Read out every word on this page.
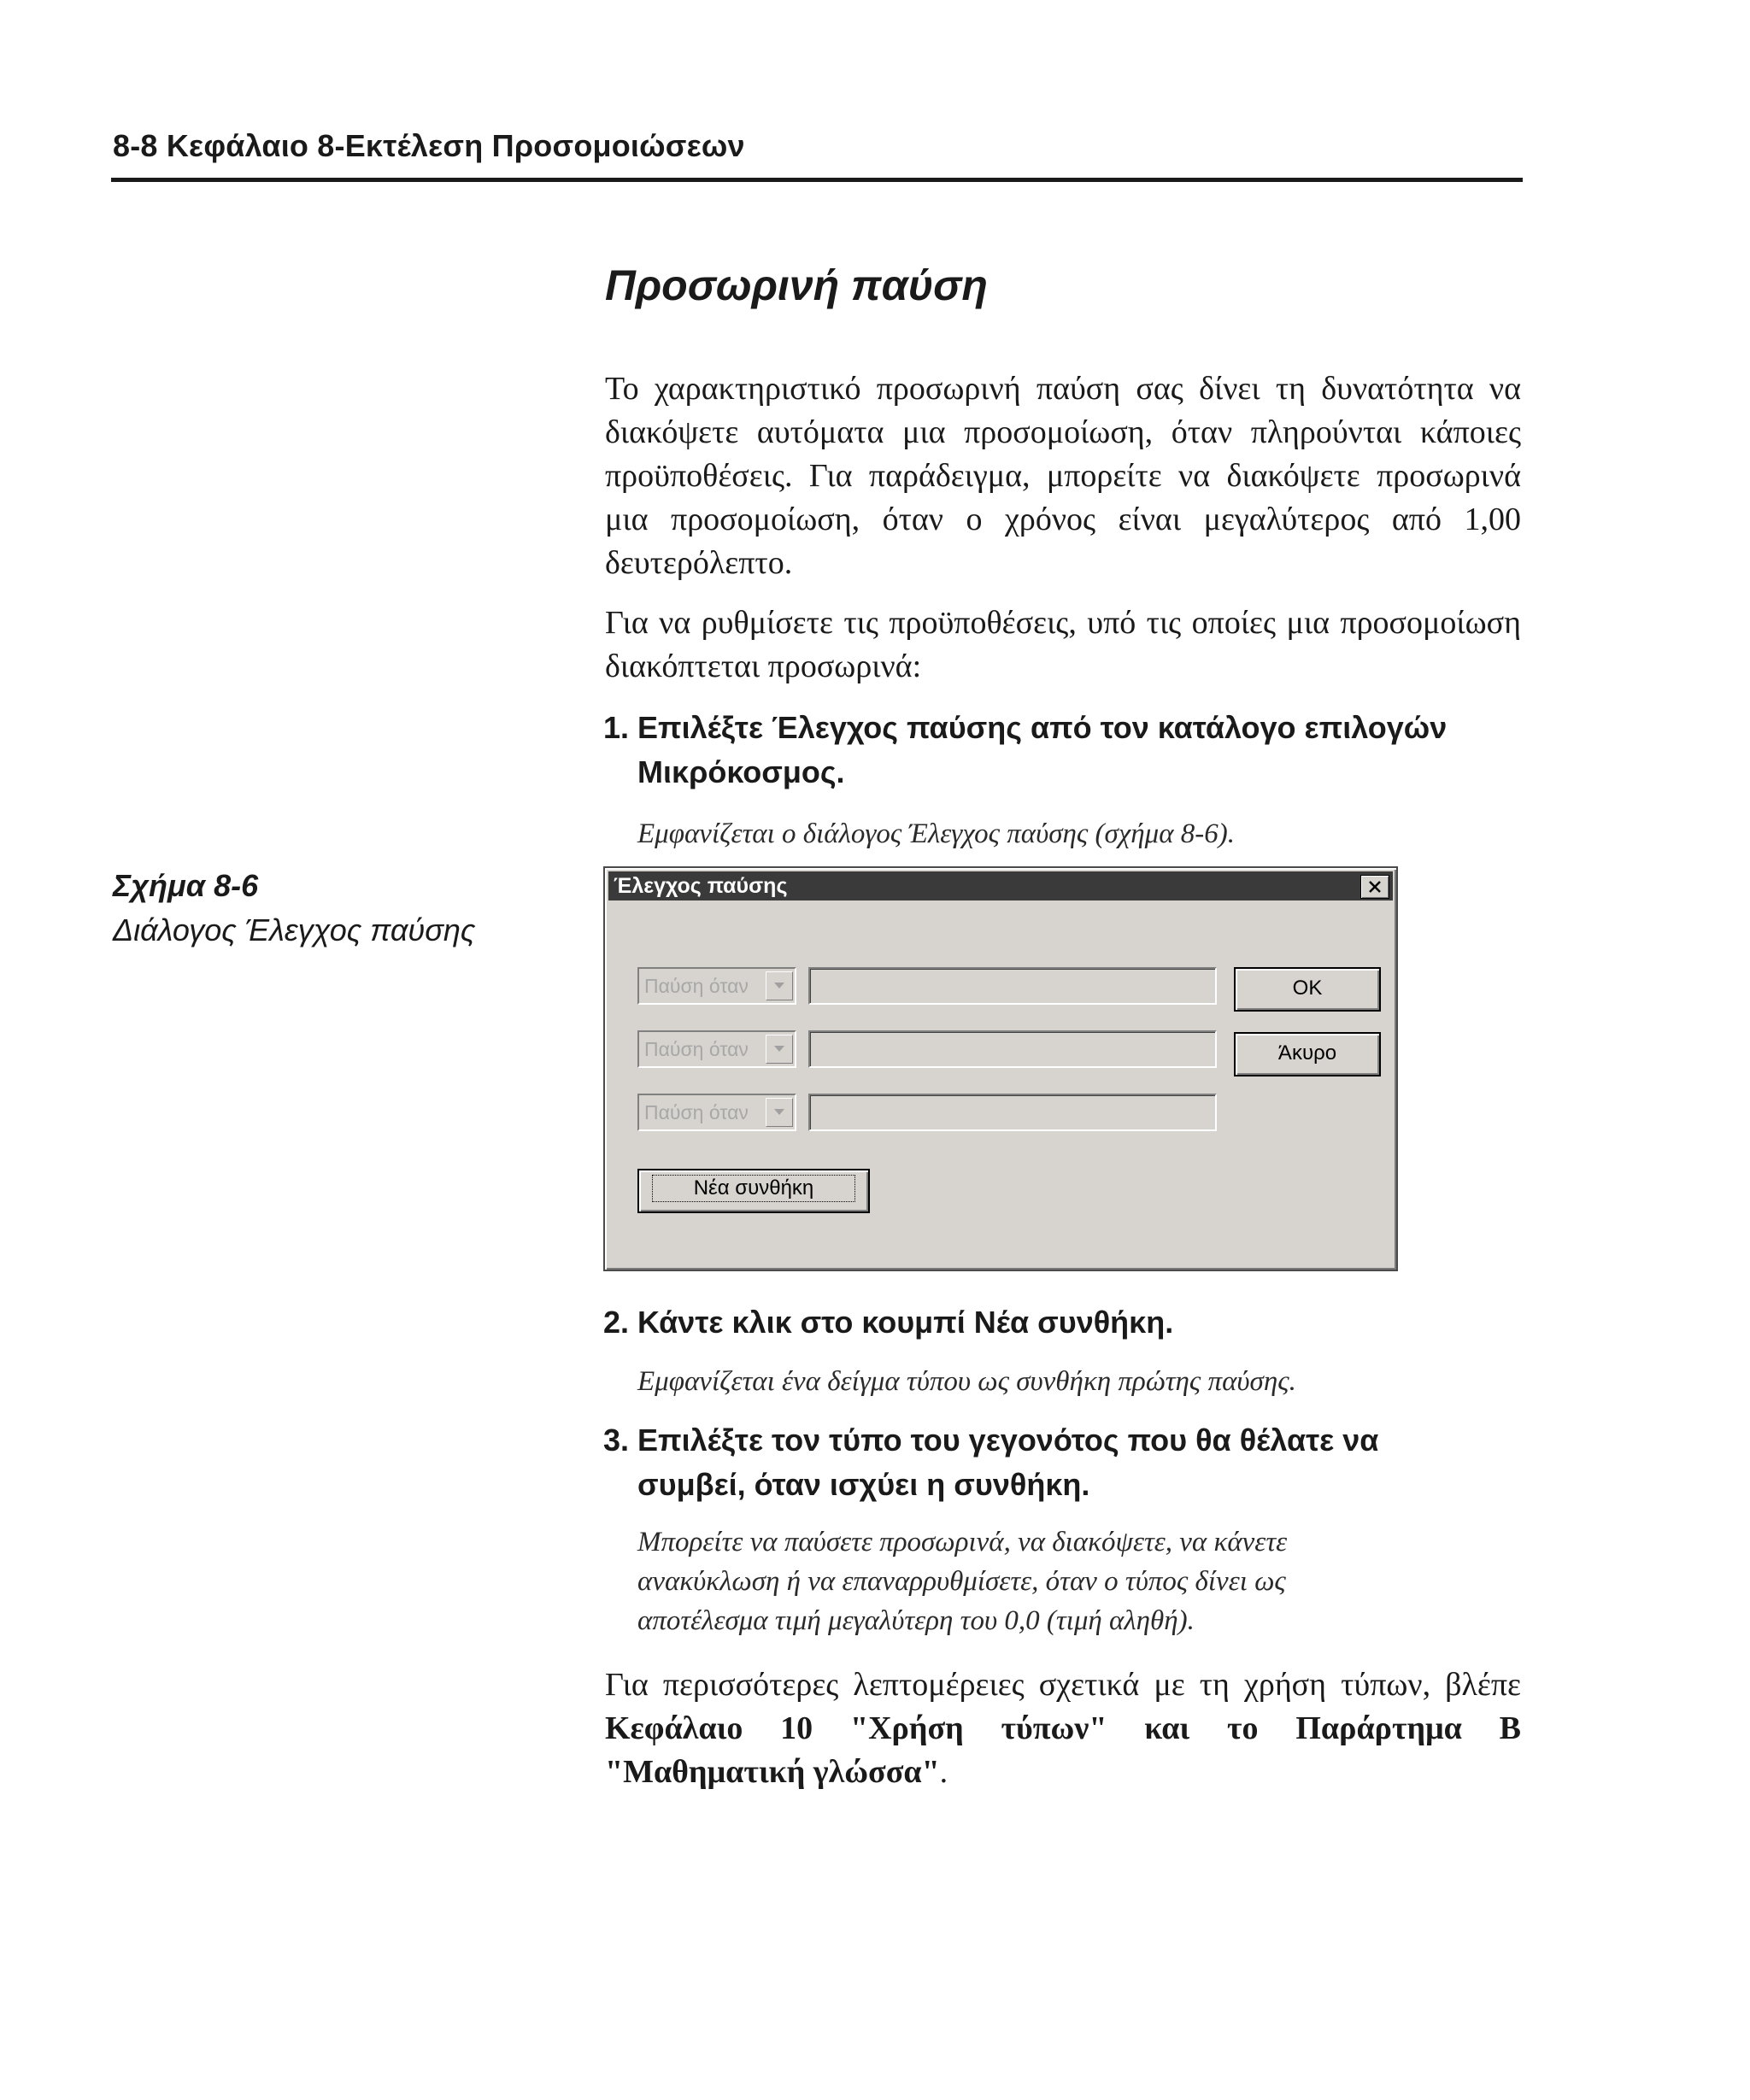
8-8 Κεφάλαιο 8-Εκτέλεση Προσομοιώσεων
Προσωρινή παύση

Το χαρακτηριστικό προσωρινή παύση σας δίνει τη δυνατότητα να διακόψετε αυτόματα μια προσομοίωση, όταν πληρούνται κάποιες προϋποθέσεις. Για παράδειγμα, μπορείτε να διακόψετε προσωρινά μια προσομοίωση, όταν ο χρόνος είναι μεγαλύτερος από 1,00 δευτερόλεπτο.

Για να ρυθμίσετε τις προϋποθέσεις, υπό τις οποίες μια προσομοίωση διακόπτεται προσωρινά:

1. Επιλέξτε Έλεγχος παύσης από τον κατάλογο επιλογών
Μικρόκοσμος.
Εμφανίζεται ο διάλογος Έλεγχος παύσης (σχήμα 8-6).
Σχήμα 8-6
Διάλογος Έλεγχος παύσης
Έλεγχος παύσης
Παύση όταν
Παύση όταν
Παύση όταν
OK
Άκυρο
Νέα συνθήκη
2. Κάντε κλικ στο κουμπί Νέα συνθήκη.
Εμφανίζεται ένα δείγμα τύπου ως συνθήκη πρώτης παύσης.
3. Επιλέξτε τον τύπο του γεγονότος που θα θέλατε να
συμβεί, όταν ισχύει η συνθήκη.
Μπορείτε να παύσετε προσωρινά, να διακόψετε, να κάνετε
ανακύκλωση ή να επαναρρυθμίσετε, όταν ο τύπος δίνει ως
αποτέλεσμα τιμή μεγαλύτερη του 0,0 (τιμή αληθή).

Για περισσότερες λεπτομέρειες σχετικά με τη χρήση τύπων, βλέπε Κεφάλαιο 10 "Χρήση τύπων" και το Παράρτημα Β "Μαθηματική γλώσσα".
